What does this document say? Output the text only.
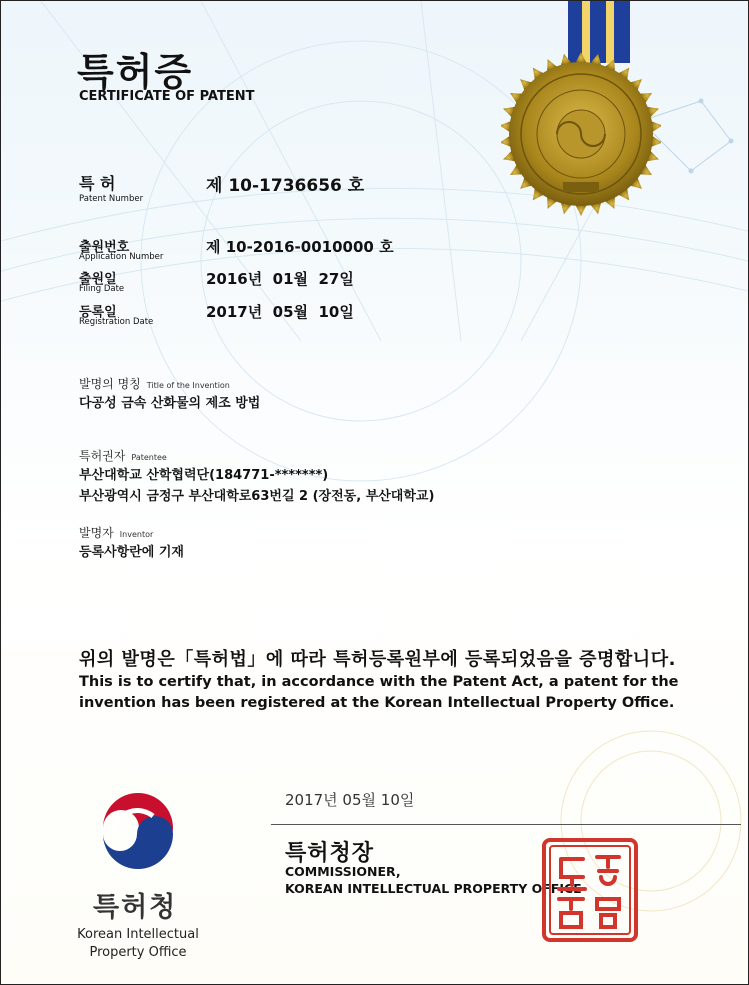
특허증
CERTIFICATE OF PATENT
특 허
Patent Number
제 10-1736656 호
출원번호
Application Number
제 10-2016-0010000 호
출원일
Filing Date
2016년  01월  27일
등록일
Registration Date
2017년  05월  10일
발명의 명칭 Title of the Invention
다공성 금속 산화물의 제조 방법
특허권자 Patentee
부산대학교 산학협력단(184771-*******)
부산광역시 금정구 부산대학로63번길 2 (장전동, 부산대학교)
발명자 Inventor
등록사항란에 기재
위의 발명은「특허법」에 따라 특허등록원부에 등록되었음을 증명합니다.
This is to certify that, in accordance with the Patent Act, a patent for the invention has been registered at the Korean Intellectual Property Office.
2017년 05월 10일
특허청장
COMMISSIONER,
KOREAN INTELLECTUAL PROPERTY OFFICE
특허청
Korean Intellectual
Property Office
